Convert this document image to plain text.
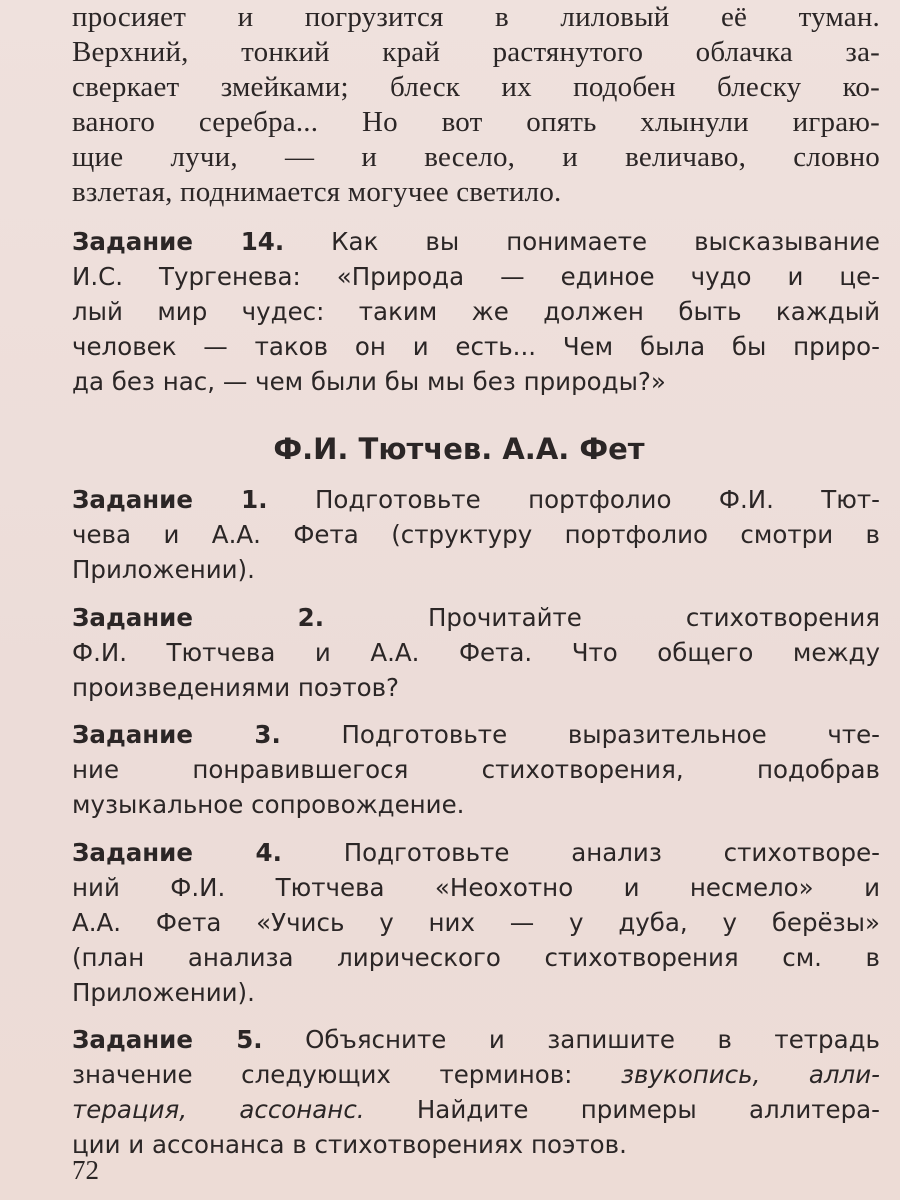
просияет и погрузится в лиловый её туман.
Верхний, тонкий край растянутого облачка за-
сверкает змейками; блеск их подобен блеску ко-
ваного серебра... Но вот опять хлынули играю-
щие лучи, — и весело, и величаво, словно
взлетая, поднимается могучее светило.
Задание 14. Как вы понимаете высказывание
И.С. Тургенева: «Природа — единое чудо и це-
лый мир чудес: таким же должен быть каждый
человек — таков он и есть... Чем была бы приро-
да без нас, — чем были бы мы без природы?»
Ф.И. Тютчев. А.А. Фет
Задание 1. Подготовьте портфолио Ф.И. Тют-
чева и А.А. Фета (структуру портфолио смотри в
Приложении).
Задание 2. Прочитайте стихотворения
Ф.И. Тютчева и А.А. Фета. Что общего между
произведениями поэтов?
Задание 3. Подготовьте выразительное чте-
ние понравившегося стихотворения, подобрав
музыкальное сопровождение.
Задание 4. Подготовьте анализ стихотворе-
ний Ф.И. Тютчева «Неохотно и несмело» и
А.А. Фета «Учись у них — у дуба, у берёзы»
(план анализа лирического стихотворения см. в
Приложении).
Задание 5. Объясните и запишите в тетрадь
значение следующих терминов: звукопись, алли-
терация, ассонанс. Найдите примеры аллитера-
ции и ассонанса в стихотворениях поэтов.
72
